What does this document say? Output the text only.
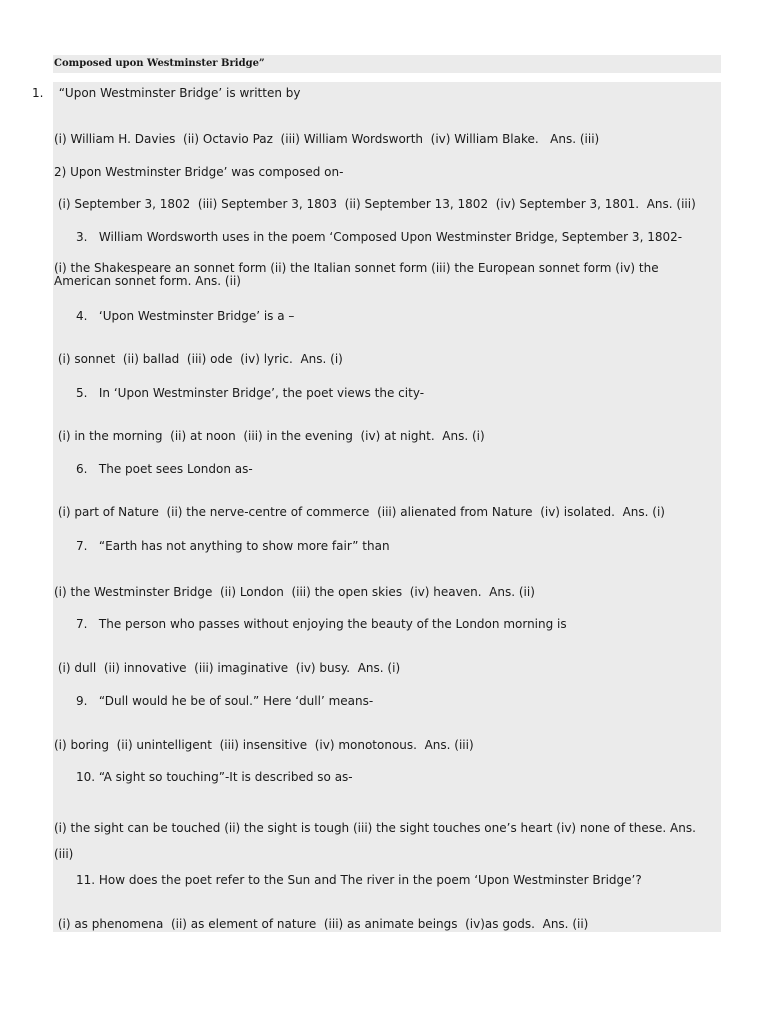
Composed upon Westminster Bridge”
1.    “Upon Westminster Bridge’ is written by
(i) William H. Davies  (ii) Octavio Paz  (iii) William Wordsworth  (iv) William Blake.   Ans. (iii)
2) Upon Westminster Bridge’ was composed on-
(i) September 3, 1802  (iii) September 3, 1803  (ii) September 13, 1802  (iv) September 3, 1801.  Ans. (iii)
3.   William Wordsworth uses in the poem ‘Composed Upon Westminster Bridge, September 3, 1802-
(i) the Shakespeare an sonnet form (ii) the Italian sonnet form (iii) the European sonnet form (iv) the American sonnet form. Ans. (ii)
4.   ‘Upon Westminster Bridge’ is a –
(i) sonnet  (ii) ballad  (iii) ode  (iv) lyric.  Ans. (i)
5.   In ‘Upon Westminster Bridge’, the poet views the city-
(i) in the morning  (ii) at noon  (iii) in the evening  (iv) at night.  Ans. (i)
6.   The poet sees London as-
(i) part of Nature  (ii) the nerve-centre of commerce  (iii) alienated from Nature  (iv) isolated.  Ans. (i)
7.   “Earth has not anything to show more fair” than
(i) the Westminster Bridge  (ii) London  (iii) the open skies  (iv) heaven.  Ans. (ii)
7.   The person who passes without enjoying the beauty of the London morning is
(i) dull  (ii) innovative  (iii) imaginative  (iv) busy.  Ans. (i)
9.   “Dull would he be of soul.” Here ‘dull’ means-
(i) boring  (ii) unintelligent  (iii) insensitive  (iv) monotonous.  Ans. (iii)
10. “A sight so touching”-It is described so as-
(i) the sight can be touched (ii) the sight is tough (iii) the sight touches one’s heart (iv) none of these. Ans. (iii)
11. How does the poet refer to the Sun and The river in the poem ‘Upon Westminster Bridge’?
(i) as phenomena  (ii) as element of nature  (iii) as animate beings  (iv)as gods.  Ans. (ii)
